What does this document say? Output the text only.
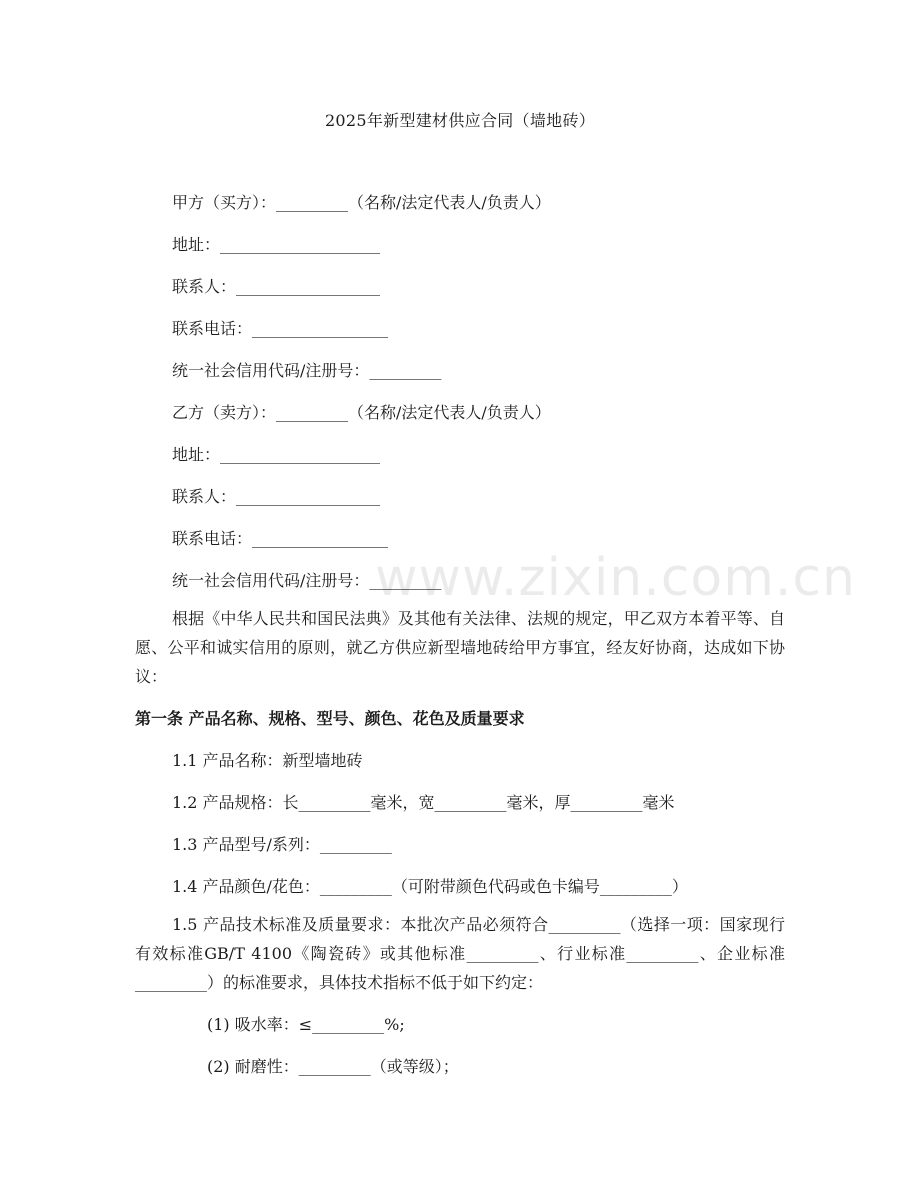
2025年新型建材供应合同（墙地砖）
甲方（买方）：_________（名称/法定代表人/负责人）
地址：____________________
联系人：__________________
联系电话：_________________
统一社会信用代码/注册号：_________
乙方（卖方）：_________（名称/法定代表人/负责人）
地址：____________________
联系人：__________________
联系电话：_________________
统一社会信用代码/注册号：_________
www.zixin.com.cn
根据《中华人民共和国民法典》及其他有关法律、法规的规定，甲乙双方本着平等、自愿、公平和诚实信用的原则，就乙方供应新型墙地砖给甲方事宜，经友好协商，达成如下协议：
第一条 产品名称、规格、型号、颜色、花色及质量要求
1.1 产品名称：新型墙地砖
1.2 产品规格：长_________毫米，宽_________毫米，厚_________毫米
1.3 产品型号/系列：_________
1.4 产品颜色/花色：_________（可附带颜色代码或色卡编号_________）
1.5 产品技术标准及质量要求：本批次产品必须符合_________（选择一项：国家现行有效标准GB/T 4100《陶瓷砖》或其他标准_________、行业标准_________、企业标准_________）的标准要求，具体技术指标不低于如下约定：
(1) 吸水率：≤_________%;
(2) 耐磨性：_________（或等级）；
